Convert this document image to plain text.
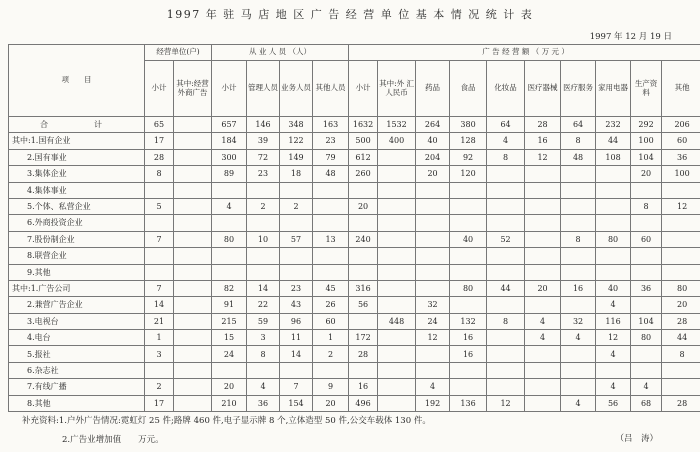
1997 年 驻 马 店 地 区 广 告 经 营 单 位 基 本 情 况 统 计 表
1997 年 12 月 19 日
项　　目	经营单位(户)		从 业 人 员 （人）				广 告 经 营 额 （ 万 元 ）									
	小计	其中:经营外商广告	小计	管理人员	业务人员	其他人员	小计	其中:外 汇人民币	药品	食品	化妆品	医疗器械	医疗服务	家用电器	生产资料	其他
合　　计	65		657	146	348	163	1632	1532	264	380	64	28	64	232	292	206
其中:1.国有企业	17		184	39	122	23	500	400	40	128	4	16	8	44	100	60
2.国有事业	28		300	72	149	79	612		204	92	8	12	48	108	104	36
3.集体企业	8		89	23	18	48	260		20	120					20	100
4.集体事业																
5.个体、私营企业	5		4	2	2		20								8	12
6.外商投资企业																
7.股份制企业	7		80	10	57	13	240			40	52		8	80	60	
8.联营企业																
9.其他																
其中:1.广告公司	7		82	14	23	45	316			80	44	20	16	40	36	80
2.兼营广告企业	14		91	22	43	26	56		32					4		20
3.电视台	21		215	59	96	60		448	24	132	8	4	32	116	104	28
4.电台	1		15	3	11	1	172		12	16		4	4	12	80	44
5.报社	3		24	8	14	2	28			16				4		8
6.杂志社																
7.有线广播	2		20	4	7	9	16		4					4	4	
8.其他	17		210	36	154	20	496		192	136	12		4	56	68	28
补充资料:1.户外广告情况:霓虹灯 25 件;路牌 460 件,电子显示牌 8 个,立体造型 50 件,公交车载体 130 件。
2.广告业增加值　　万元。	（吕　涛）
